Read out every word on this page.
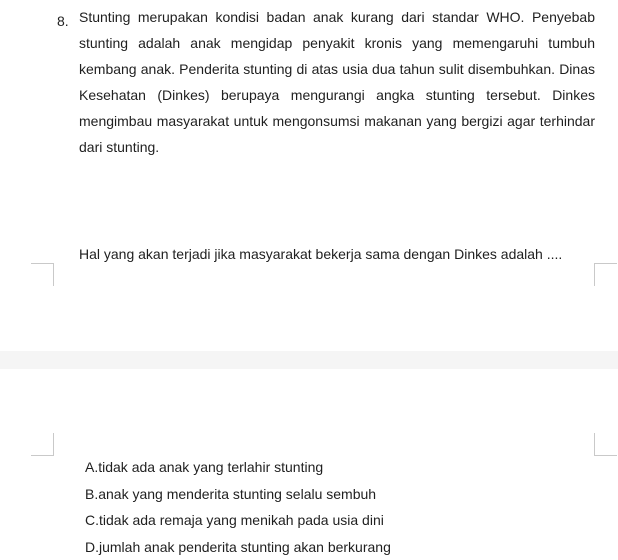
8. Stunting merupakan kondisi badan anak kurang dari standar WHO. Penyebab stunting adalah anak mengidap penyakit kronis yang memengaruhi tumbuh kembang anak. Penderita stunting di atas usia dua tahun sulit disembuhkan. Dinas Kesehatan (Dinkes) berupaya mengurangi angka stunting tersebut. Dinkes mengimbau masyarakat untuk mengonsumsi makanan yang bergizi agar terhindar dari stunting.

Hal yang akan terjadi jika masyarakat bekerja sama dengan Dinkes adalah ....

A.tidak ada anak yang terlahir stunting
B.anak yang menderita stunting selalu sembuh
C.tidak ada remaja yang menikah pada usia dini
D.jumlah anak penderita stunting akan berkurang
